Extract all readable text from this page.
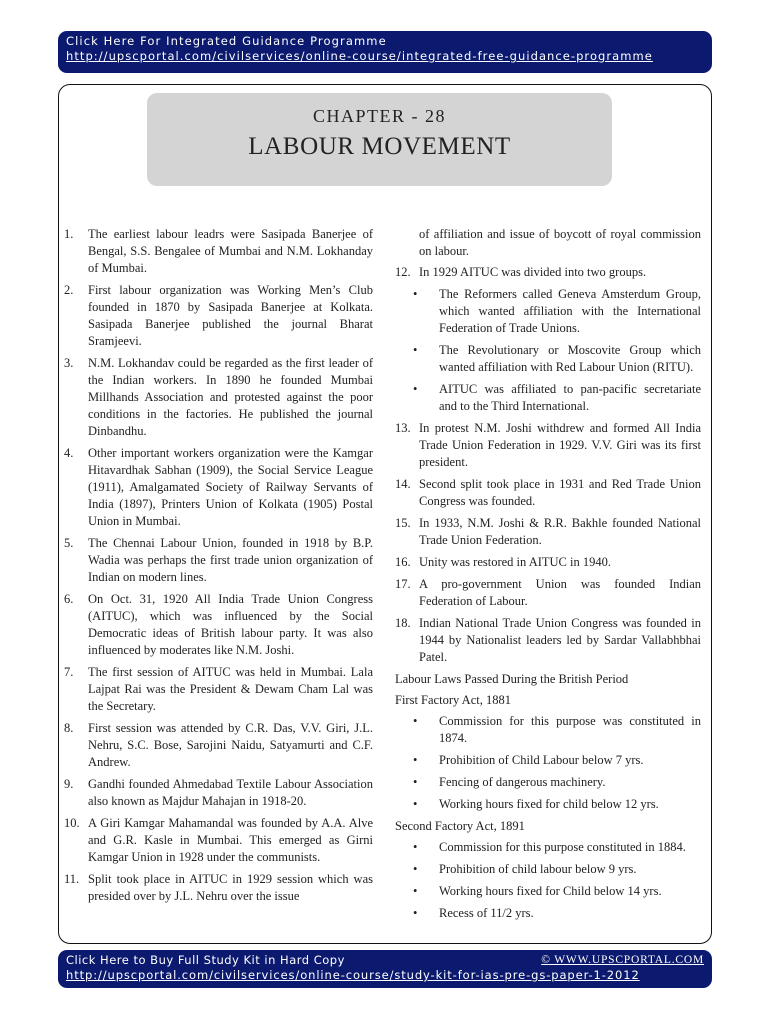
Click Here For Integrated Guidance Programme
http://upscportal.com/civilservices/online-course/integrated-free-guidance-programme
CHAPTER - 28
LABOUR MOVEMENT
1.	The earliest labour leadrs were Sasipada Banerjee of Bengal, S.S. Bengalee of Mumbai and N.M. Lokhanday of Mumbai.
2.	First labour organization was Working Men’s Club founded in 1870 by Sasipada Banerjee at Kolkata. Sasipada Banerjee published the journal Bharat Sramjeevi.
3.	N.M. Lokhandav could be regarded as the first leader of the Indian workers. In 1890 he founded Mumbai Millhands Association and protested against the poor conditions in the factories. He published the journal Dinbandhu.
4.	Other important workers organization were the Kamgar Hitavardhak Sabhan (1909), the Social Service League (1911), Amalgamated Society of Railway Servants of India (1897), Printers Union of Kolkata (1905) Postal Union in Mumbai.
5.	The Chennai Labour Union, founded in 1918 by B.P. Wadia was perhaps the first trade union organization of Indian on modern lines.
6.	On Oct. 31, 1920 All India Trade Union Congress (AITUC), which was influenced by the Social Democratic ideas of British labour party. It was also influenced by moderates like N.M. Joshi.
7.	The first session of AITUC was held in Mumbai. Lala Lajpat Rai was the President & Dewam Cham Lal was the Secretary.
8.	First session was attended by C.R. Das, V.V. Giri, J.L. Nehru, S.C. Bose, Sarojini Naidu, Satyamurti and C.F. Andrew.
9.	Gandhi founded Ahmedabad Textile Labour Association also known as Majdur Mahajan in 1918-20.
10. A Giri Kamgar Mahamandal was founded by A.A. Alve and G.R. Kasle in Mumbai. This emerged as Girni Kamgar Union in 1928 under the communists.
11. Split took place in AITUC in 1929 session which was presided over by J.L. Nehru over the issue
of affiliation and issue of boycott of royal commission on labour.
12. In 1929 AITUC was divided into two groups.
•	The Reformers called Geneva Amsterdum Group, which wanted affiliation with the International Federation of Trade Unions.
•	The Revolutionary or Moscovite Group which wanted affiliation with Red Labour Union (RITU).
•	AITUC was affiliated to pan-pacific secretariate and to the Third International.
13. In protest N.M. Joshi withdrew and formed All India Trade Union Federation in 1929. V.V. Giri was its first president.
14. Second split took place in 1931 and Red Trade Union Congress was founded.
15. In 1933, N.M. Joshi & R.R. Bakhle founded National Trade Union Federation.
16. Unity was restored in AITUC in 1940.
17. A pro-government Union was founded Indian Federation of Labour.
18. Indian National Trade Union Congress was founded in 1944 by Nationalist leaders led by Sardar Vallabhbhai Patel.
Labour Laws Passed During the British Period
First Factory Act, 1881
•	Commission for this purpose was constituted in 1874.
•	Prohibition of Child Labour below 7 yrs.
•	Fencing of dangerous machinery.
•	Working hours fixed for child below 12 yrs.
Second Factory Act, 1891
•	Commission for this purpose constituted in 1884.
•	Prohibition of child labour below 9 yrs.
•	Working hours fixed for Child below 14 yrs.
•	Recess of 11/2 yrs.
Click Here to Buy Full Study Kit in Hard Copy	© WWW.UPSCPORTAL.COM
http://upscportal.com/civilservices/online-course/study-kit-for-ias-pre-gs-paper-1-2012
